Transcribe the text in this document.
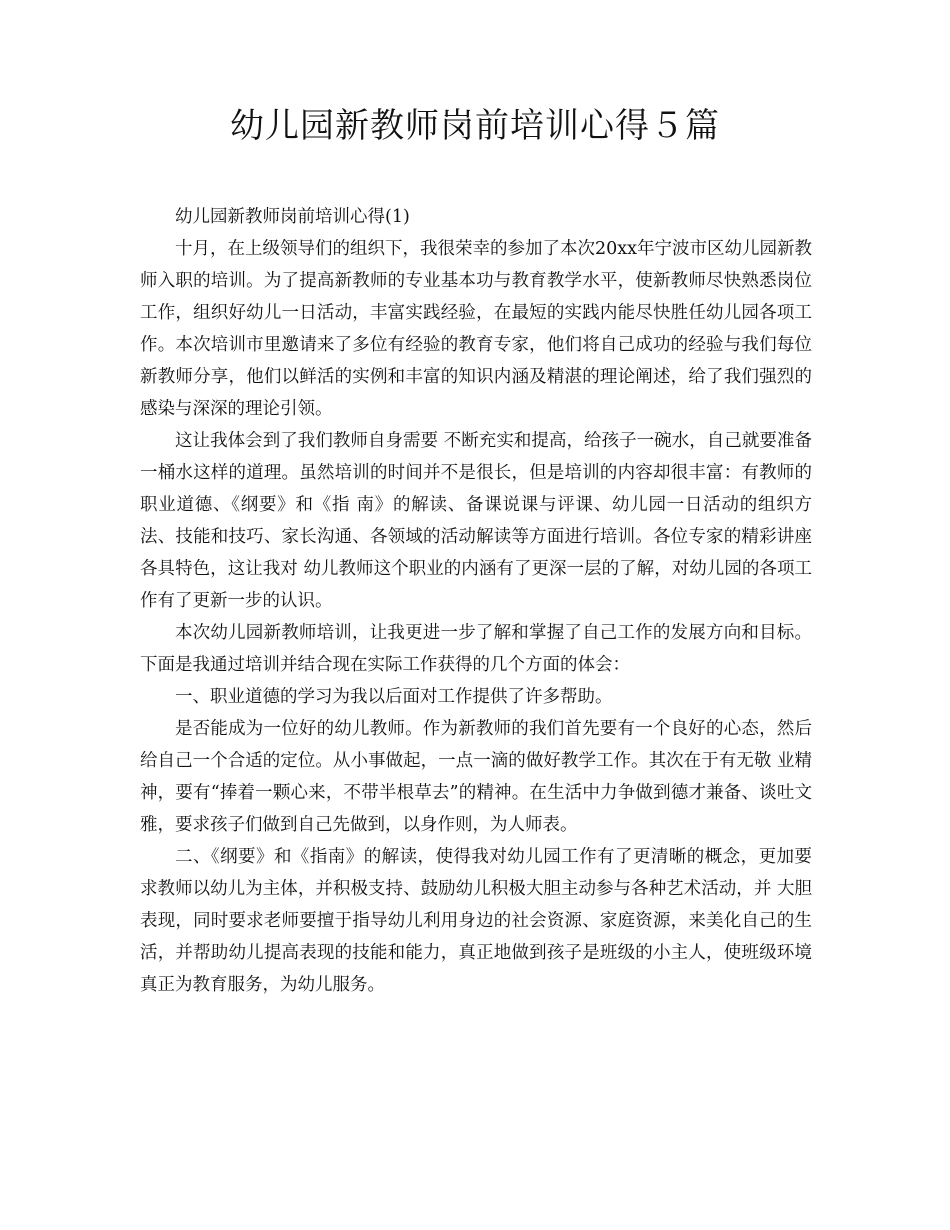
幼儿园新教师岗前培训心得５篇

幼儿园新教师岗前培训心得(1)

十月，在上级领导们的组织下，我很荣幸的参加了本次20xx年宁波市区幼儿园新教师入职的培训。为了提高新教师的专业基本功与教育教学水平，使新教师尽快熟悉岗位工作，组织好幼儿一日活动，丰富实践经验，在最短的实践内能尽快胜任幼儿园各项工作。本次培训市里邀请来了多位有经验的教育专家，他们将自己成功的经验与我们每位新教师分享，他们以鲜活的实例和丰富的知识内涵及精湛的理论阐述，给了我们强烈的感染与深深的理论引领。

这让我体会到了我们教师自身需要 不断充实和提高，给孩子一碗水，自己就要准备一桶水这样的道理。虽然培训的时间并不是很长，但是培训的内容却很丰富：有教师的职业道德、《纲要》和《指 南》的解读、备课说课与评课、幼儿园一日活动的组织方法、技能和技巧、家长沟通、各领域的活动解读等方面进行培训。各位专家的精彩讲座各具特色，这让我对 幼儿教师这个职业的内涵有了更深一层的了解，对幼儿园的各项工作有了更新一步的认识。

本次幼儿园新教师培训，让我更进一步了解和掌握了自己工作的发展方向和目标。下面是我通过培训并结合现在实际工作获得的几个方面的体会：

一、职业道德的学习为我以后面对工作提供了许多帮助。

是否能成为一位好的幼儿教师。作为新教师的我们首先要有一个良好的心态，然后给自己一个合适的定位。从小事做起，一点一滴的做好教学工作。其次在于有无敬 业精神，要有“捧着一颗心来，不带半根草去”的精神。在生活中力争做到德才兼备、谈吐文雅，要求孩子们做到自己先做到，以身作则，为人师表。

二、《纲要》和《指南》的解读，使得我对幼儿园工作有了更清晰的概念，更加要求教师以幼儿为主体，并积极支持、鼓励幼儿积极大胆主动参与各种艺术活动，并 大胆表现，同时要求老师要擅于指导幼儿利用身边的社会资源、家庭资源，来美化自己的生活，并帮助幼儿提高表现的技能和能力，真正地做到孩子是班级的小主人，使班级环境真正为教育服务，为幼儿服务。
